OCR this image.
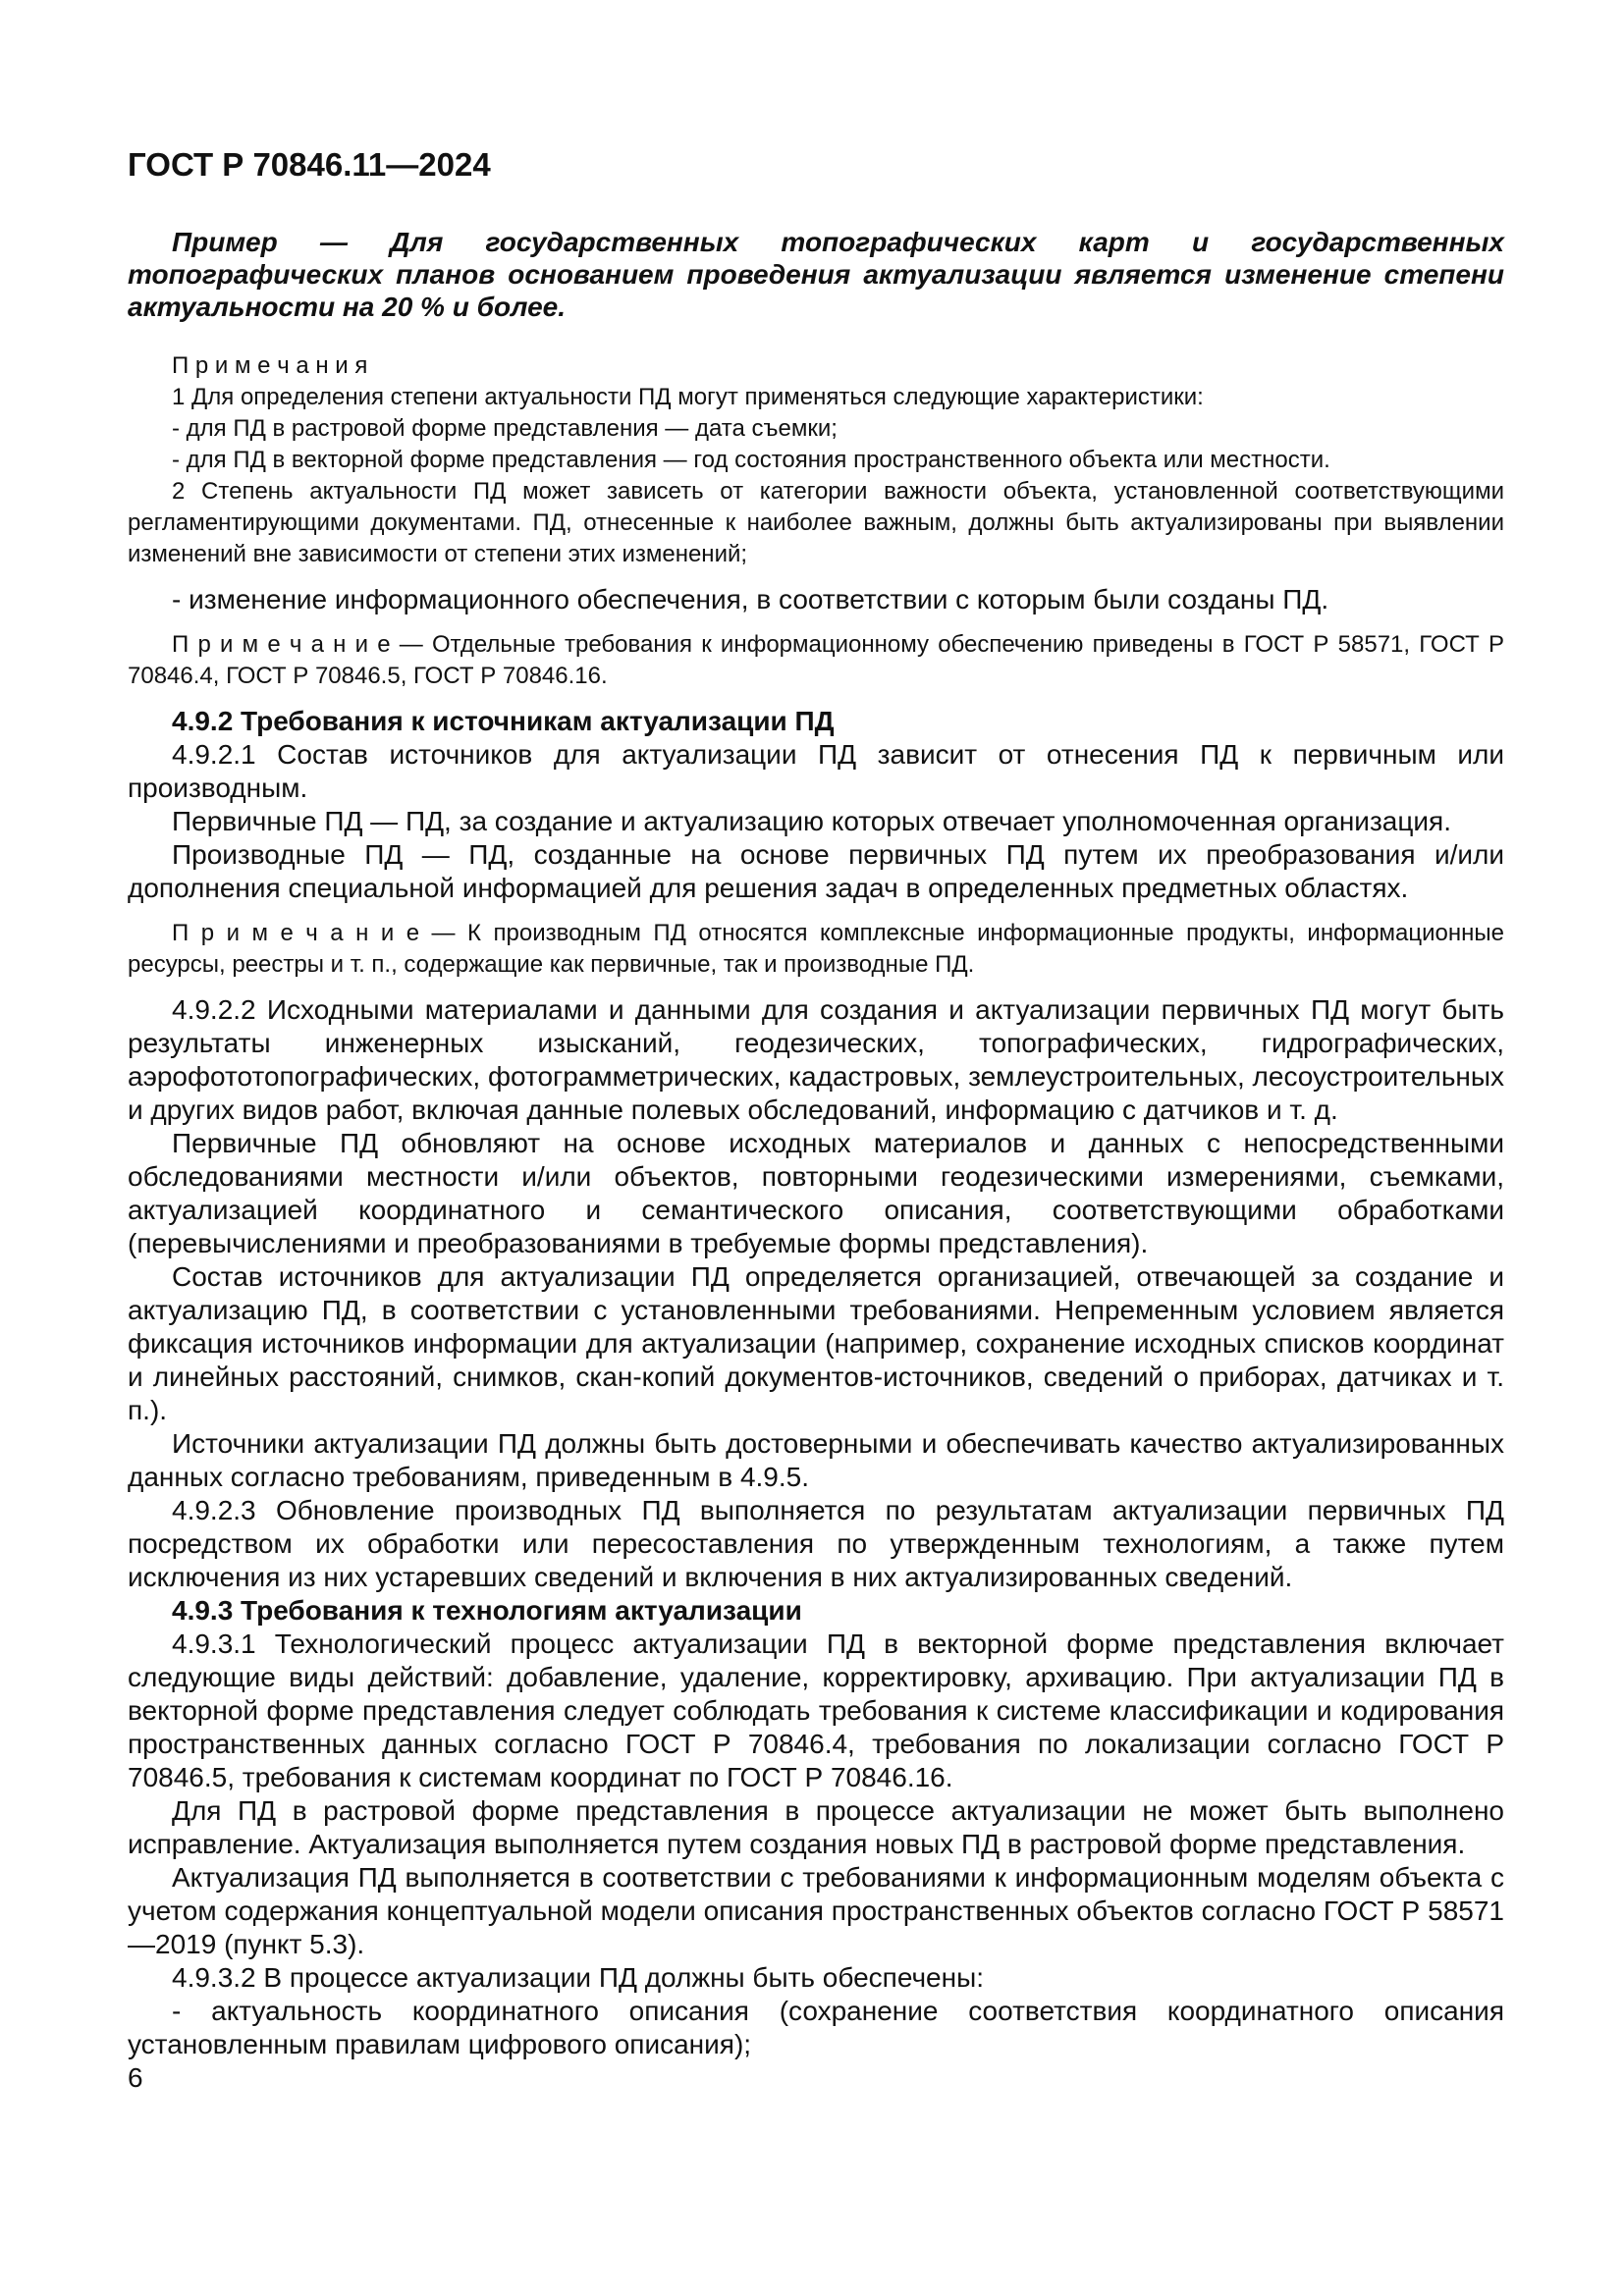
ГОСТ Р 70846.11—2024

Пример — Для государственных топографических карт и государственных топографических планов основанием проведения актуализации является изменение степени актуальности на 20 % и более.

П р и м е ч а н и я

1 Для определения степени актуальности ПД могут применяться следующие характеристики:

- для ПД в растровой форме представления — дата съемки;

- для ПД в векторной форме представления — год состояния пространственного объекта или местности.

2 Степень актуальности ПД может зависеть от категории важности объекта, установленной соответствующими регламентирующими документами. ПД, отнесенные к наиболее важным, должны быть актуализированы при выявлении изменений вне зависимости от степени этих изменений;

- изменение информационного обеспечения, в соответствии с которым были созданы ПД.

П р и м е ч а н и е — Отдельные требования к информационному обеспечению приведены в ГОСТ Р 58571, ГОСТ Р 70846.4, ГОСТ Р 70846.5, ГОСТ Р 70846.16.

4.9.2 Требования к источникам актуализации ПД

4.9.2.1 Состав источников для актуализации ПД зависит от отнесения ПД к первичным или производным.

Первичные ПД — ПД, за создание и актуализацию которых отвечает уполномоченная организация.

Производные ПД — ПД, созданные на основе первичных ПД путем их преобразования и/или дополнения специальной информацией для решения задач в определенных предметных областях.

П р и м е ч а н и е — К производным ПД относятся комплексные информационные продукты, информационные ресурсы, реестры и т. п., содержащие как первичные, так и производные ПД.

4.9.2.2 Исходными материалами и данными для создания и актуализации первичных ПД могут быть результаты инженерных изысканий, геодезических, топографических, гидрографических, аэрофототопографических, фотограмметрических, кадастровых, землеустроительных, лесоустроительных и других видов работ, включая данные полевых обследований, информацию с датчиков и т. д.

Первичные ПД обновляют на основе исходных материалов и данных с непосредственными обследованиями местности и/или объектов, повторными геодезическими измерениями, съемками, актуализацией координатного и семантического описания, соответствующими обработками (перевычислениями и преобразованиями в требуемые формы представления).

Состав источников для актуализации ПД определяется организацией, отвечающей за создание и актуализацию ПД, в соответствии с установленными требованиями. Непременным условием является фиксация источников информации для актуализации (например, сохранение исходных списков координат и линейных расстояний, снимков, скан-копий документов-источников, сведений о приборах, датчиках и т. п.).

Источники актуализации ПД должны быть достоверными и обеспечивать качество актуализированных данных согласно требованиям, приведенным в 4.9.5.

4.9.2.3 Обновление производных ПД выполняется по результатам актуализации первичных ПД посредством их обработки или пересоставления по утвержденным технологиям, а также путем исключения из них устаревших сведений и включения в них актуализированных сведений.

4.9.3 Требования к технологиям актуализации

4.9.3.1 Технологический процесс актуализации ПД в векторной форме представления включает следующие виды действий: добавление, удаление, корректировку, архивацию. При актуализации ПД в векторной форме представления следует соблюдать требования к системе классификации и кодирования пространственных данных согласно ГОСТ Р 70846.4, требования по локализации согласно ГОСТ Р 70846.5, требования к системам координат по ГОСТ Р 70846.16.

Для ПД в растровой форме представления в процессе актуализации не может быть выполнено исправление. Актуализация выполняется путем создания новых ПД в растровой форме представления.

Актуализация ПД выполняется в соответствии с требованиями к информационным моделям объекта с учетом содержания концептуальной модели описания пространственных объектов согласно ГОСТ Р 58571—2019 (пункт 5.3).

4.9.3.2 В процессе актуализации ПД должны быть обеспечены:

- актуальность координатного описания (сохранение соответствия координатного описания установленным правилам цифрового описания);

6
